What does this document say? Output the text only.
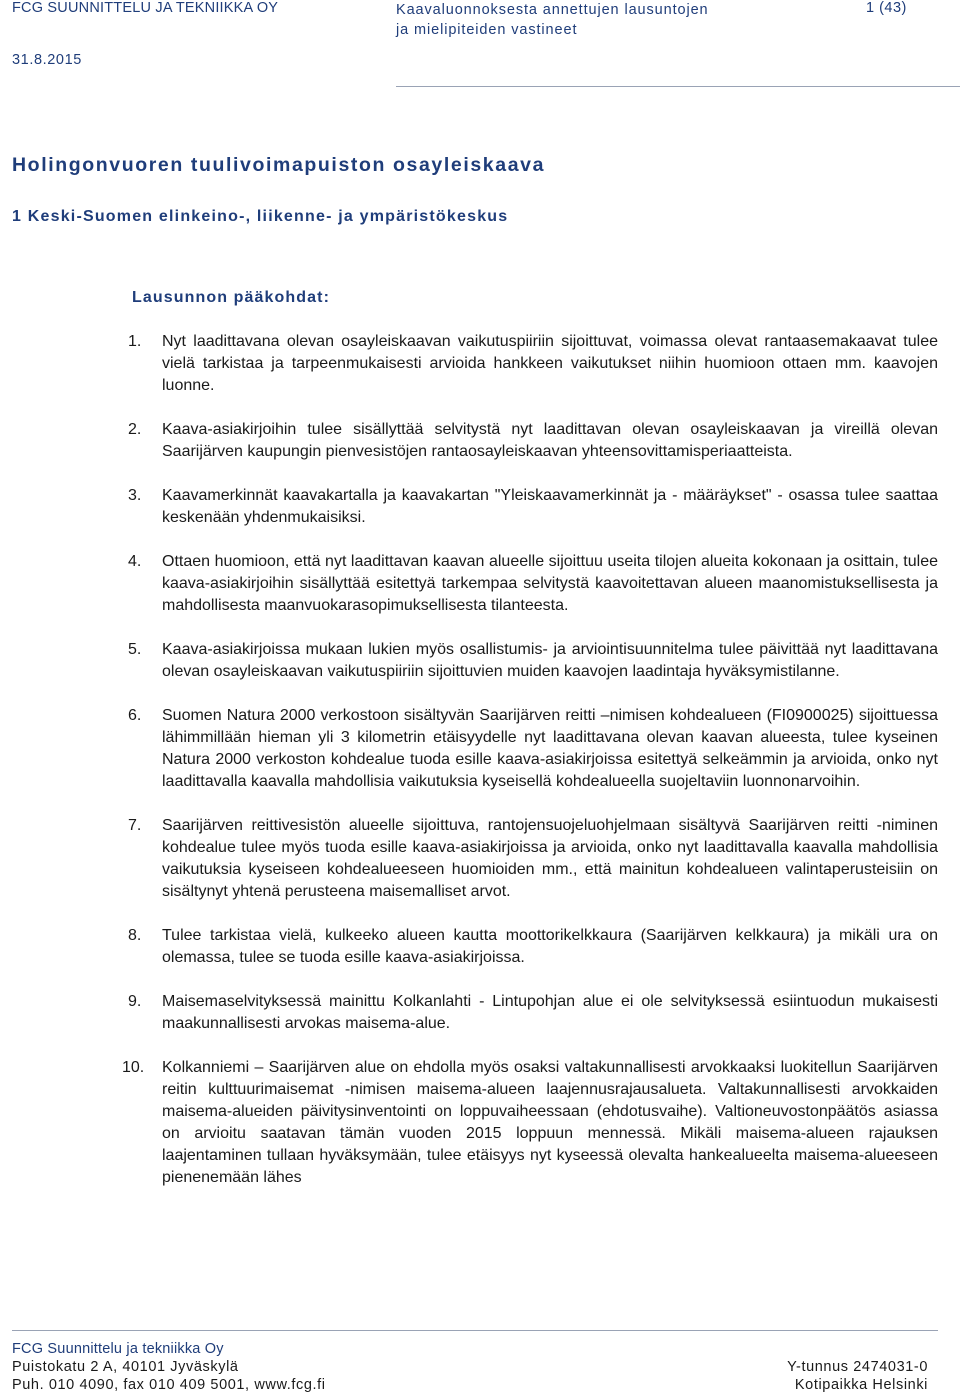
FCG SUUNNITTELU JA TEKNIIKKA OY	Kaavaluonnoksesta annettujen lausuntojen ja mielipiteiden vastineet
1 (43)
31.8.2015
Holingonvuoren tuulivoimapuiston osayleiskaava
1 Keski-Suomen elinkeino-, liikenne- ja ympäristökeskus
Lausunnon pääkohdat:
1. Nyt laadittavana olevan osayleiskaavan vaikutuspiiriin sijoittuvat, voimassa olevat rantaasemakaavat tulee vielä tarkistaa ja tarpeenmukaisesti arvioida hankkeen vaikutukset niihin huomioon ottaen mm. kaavojen luonne.
2. Kaava-asiakirjoihin tulee sisällyttää selvitystä nyt laadittavan olevan osayleiskaavan ja vireillä olevan Saarijärven kaupungin pienvesistöjen rantaosayleiskaavan yhteensovittamisperiaatteista.
3. Kaavamerkinnät kaavakartalla ja kaavakartan "Yleiskaavamerkinnät ja - määräykset" - osassa tulee saattaa keskenään yhdenmukaisiksi.
4. Ottaen huomioon, että nyt laadittavan kaavan alueelle sijoittuu useita tilojen alueita kokonaan ja osittain, tulee kaava-asiakirjoihin sisällyttää esitettyä tarkempaa selvitystä kaavoitettavan alueen maanomistuksellisesta ja mahdollisesta maanvuokarasopimuksellisesta tilanteesta.
5. Kaava-asiakirjoissa mukaan lukien myös osallistumis- ja arviointisuunnitelma tulee päivittää nyt laadittavana olevan osayleiskaavan vaikutuspiiriin sijoittuvien muiden kaavojen laadintaja hyväksymistilanne.
6. Suomen Natura 2000 verkostoon sisältyvän Saarijärven reitti –nimisen kohdealueen (FI0900025) sijoittuessa lähimmillään hieman yli 3 kilometrin etäisyydelle nyt laadittavana olevan kaavan alueesta, tulee kyseinen Natura 2000 verkoston kohdealue tuoda esille kaava-asiakirjoissa esitettyä selkeämmin ja arvioida, onko nyt laadittavalla kaavalla mahdollisia vaikutuksia kyseisellä kohdealueella suojeltaviin luonnonarvoihin.
7. Saarijärven reittivesistön alueelle sijoittuva, rantojensuojeluohjelmaan sisältyvä Saarijärven reitti -niminen kohdealue tulee myös tuoda esille kaava-asiakirjoissa ja arvioida, onko nyt laadittavalla kaavalla mahdollisia vaikutuksia kyseiseen kohdealueeseen huomioiden mm., että mainitun kohdealueen valintaperusteisiin on sisältynyt yhtenä perusteena maisemalliset arvot.
8. Tulee tarkistaa vielä, kulkeeko alueen kautta moottorikelkkaura (Saarijärven kelkkaura) ja mikäli ura on olemassa, tulee se tuoda esille kaava-asiakirjoissa.
9. Maisemaselvityksessä mainittu Kolkanlahti - Lintupohjan alue ei ole selvityksessä esiintuodun mukaisesti maakunnallisesti arvokas maisema-alue.
10. Kolkanniemi – Saarijärven alue on ehdolla myös osaksi valtakunnallisesti arvokkaaksi luokitellun Saarijärven reitin kulttuurimaisemat -nimisen maisema-alueen laajennusrajausalueta. Valtakunnallisesti arvokkaiden maisema-alueiden päivitysinventointi on loppuvaiheessaan (ehdotusvaihe). Valtioneuvostonpäätös asiassa on arvioitu saatavan tämän vuoden 2015 loppuun mennessä. Mikäli maisema-alueen rajauksen laajentaminen tullaan hyväksymään, tulee etäisyys nyt kyseessä olevalta hankealueelta maisema-alueeseen pienenemään lähes
FCG Suunnittelu ja tekniikka Oy
Puistokatu 2 A, 40101 Jyväskylä
Puh. 010 4090, fax 010 409 5001, www.fcg.fi
Y-tunnus 2474031-0
Kotipaikka Helsinki
